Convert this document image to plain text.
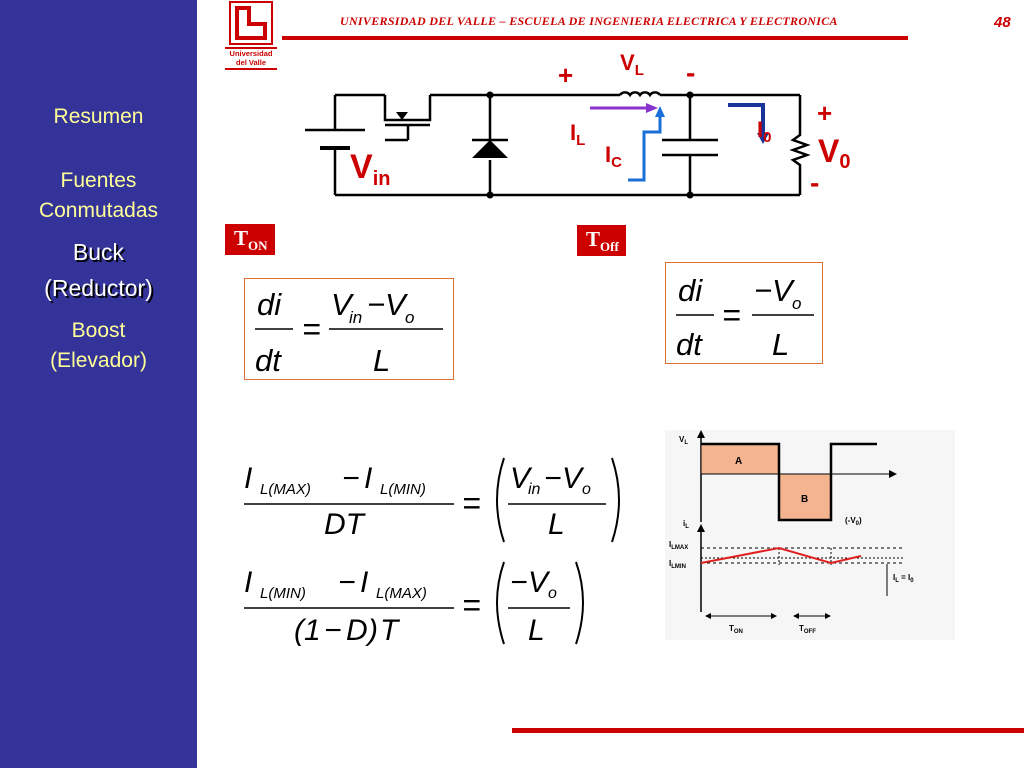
Resumen
Fuentes
Conmutadas
Buck
(Reductor)
Boost
(Elevador)
Universidad
del Valle
UNIVERSIDAD DEL VALLE – ESCUELA DE INGENIERIA ELECTRICA Y ELECTRONICA	48
+	-
$V_L$
$I_L$
$I_C$
$I_0$
+
V0
-
$V_{in}$
$T_{ON}$	$T_{Off}$
di
dt
=
V
in − V o
L
di
dt
=
− V o
L
I L(MAX) − I L(MIN)
DT
=
V
in − V o
L
I L(MIN) − I L(MAX)
(1 − D ) T
=
− V o
L
$V_L$
A
B
$(-V_0)$
$i_L$
$I_{LMAX}$
$I_{LMIN}$
$I_L = I_0$
$T_{ON}$	$T_{OFF}$
